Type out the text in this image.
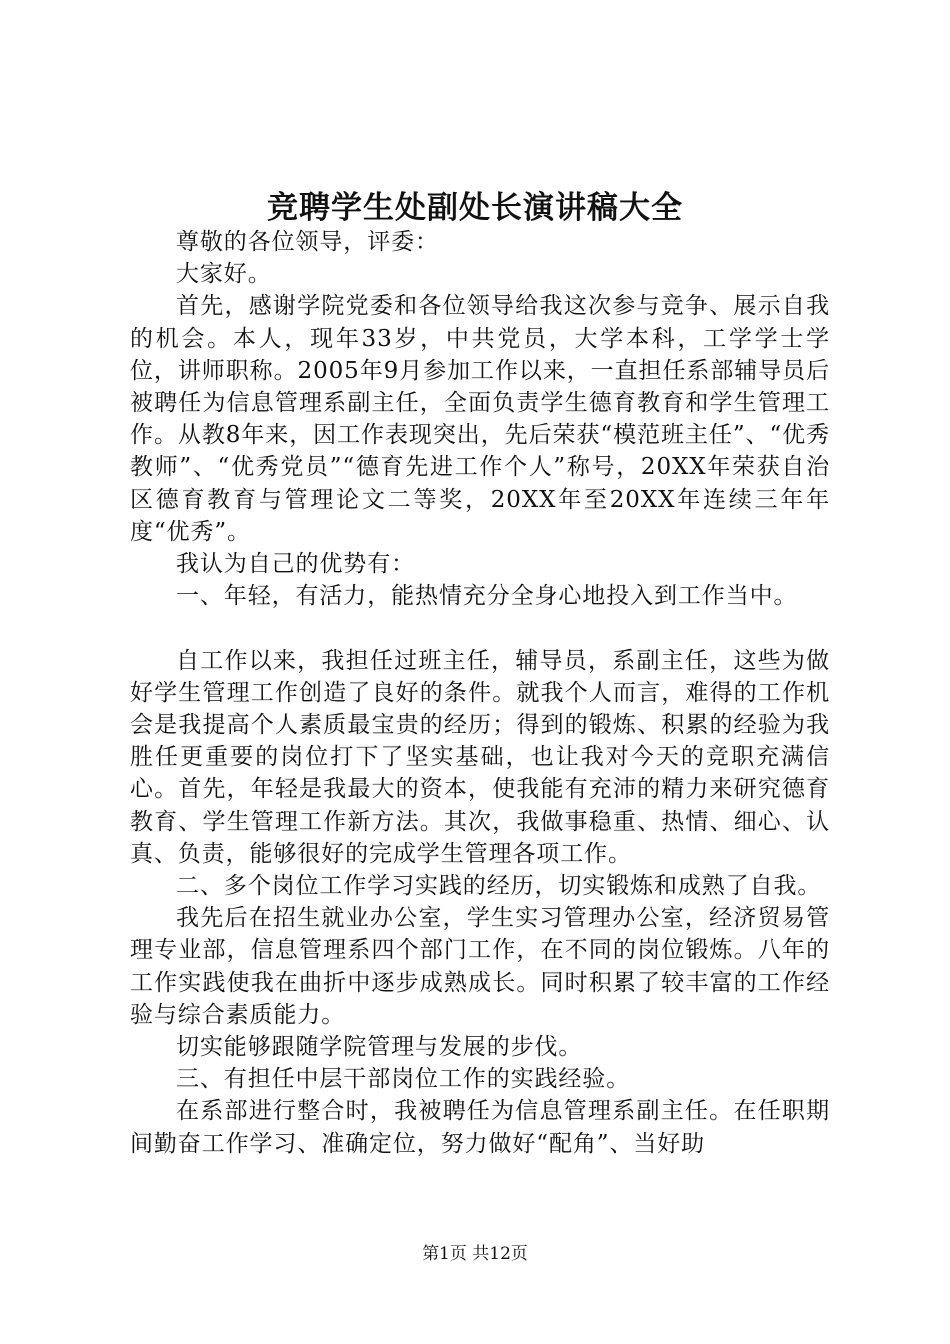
竞聘学生处副处长演讲稿大全

尊敬的各位领导，评委：

大家好。

首先，感谢学院党委和各位领导给我这次参与竞争、展示自我的机会。本人，现年33岁，中共党员，大学本科，工学学士学位，讲师职称。2005年9月参加工作以来，一直担任系部辅导员后被聘任为信息管理系副主任，全面负责学生德育教育和学生管理工作。从教8年来，因工作表现突出，先后荣获“模范班主任”、“优秀教师”、“优秀党员”“德育先进工作个人”称号，20XX年荣获自治区德育教育与管理论文二等奖，20XX年至20XX年连续三年年度“优秀”。

我认为自己的优势有：

一、年轻，有活力，能热情充分全身心地投入到工作当中。

自工作以来，我担任过班主任，辅导员，系副主任，这些为做好学生管理工作创造了良好的条件。就我个人而言，难得的工作机会是我提高个人素质最宝贵的经历；得到的锻炼、积累的经验为我胜任更重要的岗位打下了坚实基础，也让我对今天的竞职充满信心。首先，年轻是我最大的资本，使我能有充沛的精力来研究德育教育、学生管理工作新方法。其次，我做事稳重、热情、细心、认真、负责，能够很好的完成学生管理各项工作。

二、多个岗位工作学习实践的经历，切实锻炼和成熟了自我。

我先后在招生就业办公室，学生实习管理办公室，经济贸易管理专业部，信息管理系四个部门工作，在不同的岗位锻炼。八年的工作实践使我在曲折中逐步成熟成长。同时积累了较丰富的工作经验与综合素质能力。

切实能够跟随学院管理与发展的步伐。

三、有担任中层干部岗位工作的实践经验。

在系部进行整合时，我被聘任为信息管理系副主任。在任职期间勤奋工作学习、准确定位，努力做好“配角”、当好助

第1页 共12页
